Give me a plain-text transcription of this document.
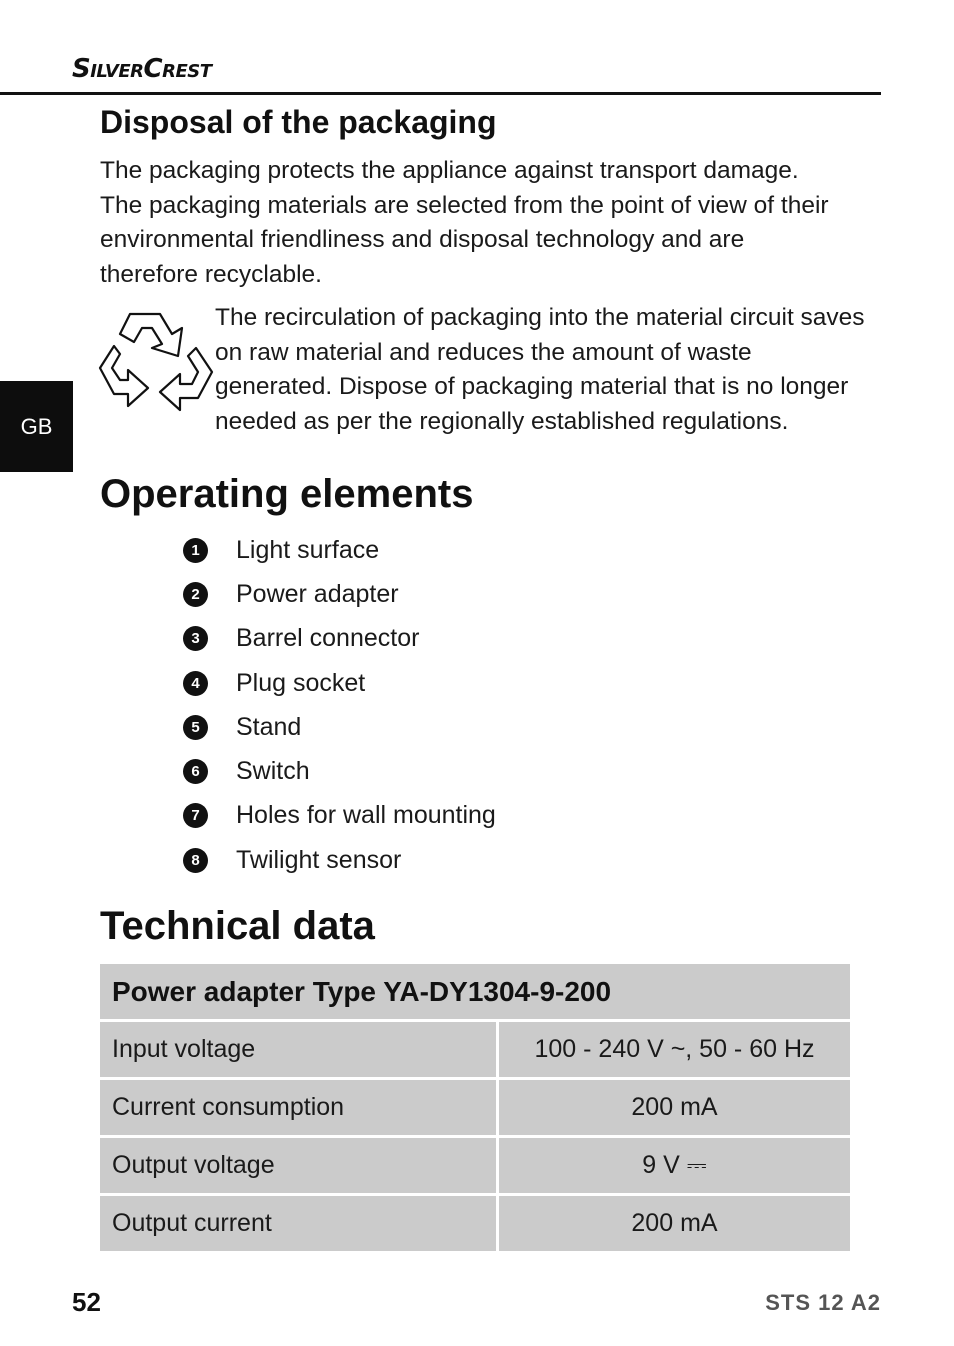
SilverCrest
GB
Disposal of the packaging

The packaging protects the appliance against transport damage. The packaging materials are selected from the point of view of their environmental friendliness and disposal technology and are therefore recyclable.

The recirculation of packaging into the material circuit saves on raw material and reduces the amount of waste generated. Dispose of packaging material that is no longer needed as per the regionally established regulations.

Operating elements
1	Light surface
2	Power adapter
3	Barrel connector
4	Plug socket
5	Stand
6	Switch
7	Holes for wall mounting
8	Twilight sensor
Technical data
Power adapter Type YA-DY1304-9-200	
Input voltage	100 - 240 V ~, 50 - 60 Hz
Current consumption	200 mA
Output voltage	9 V ⎓
Output current	200 mA
52	STS 12 A2
